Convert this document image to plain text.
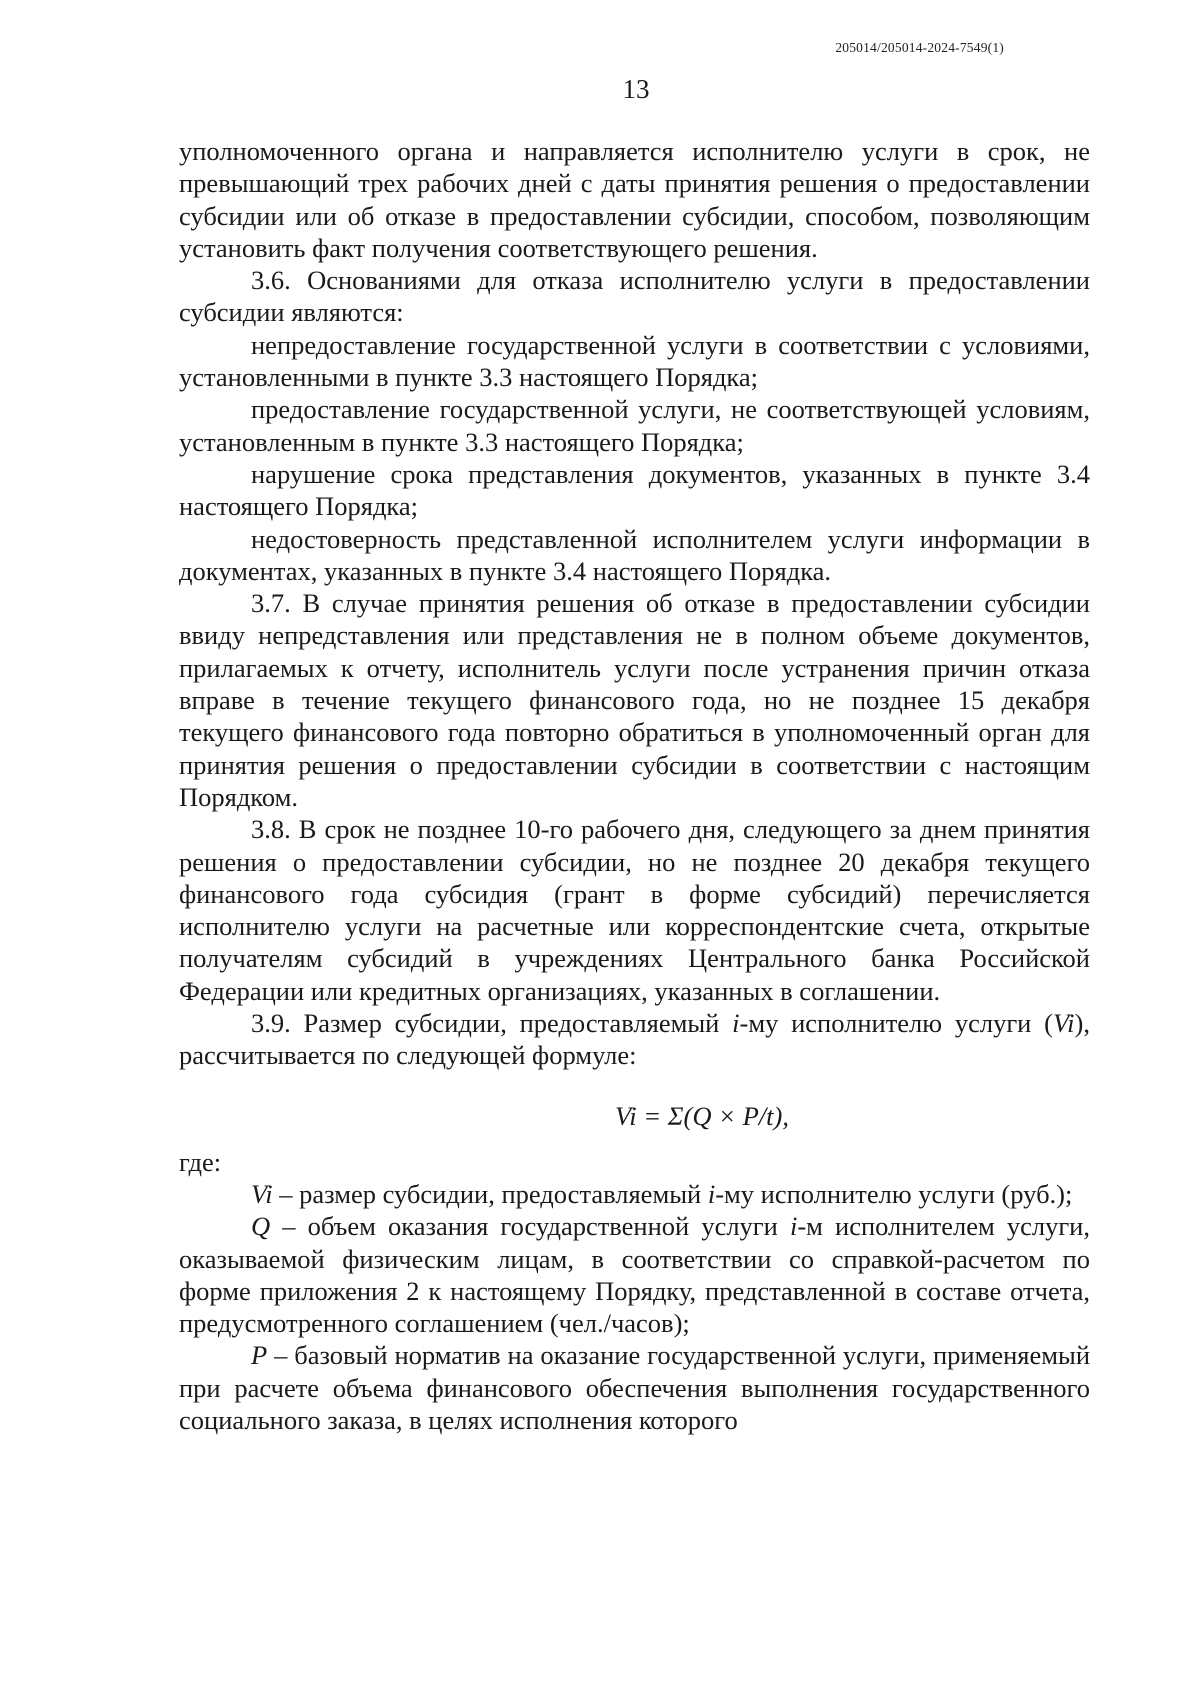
205014/205014-2024-7549(1)
13

уполномоченного органа и направляется исполнителю услуги в срок, не превышающий трех рабочих дней с даты принятия решения о предоставлении субсидии или об отказе в предоставлении субсидии, способом, позволяющим установить факт получения соответствующего решения.

3.6. Основаниями для отказа исполнителю услуги в предоставлении субсидии являются:

непредоставление государственной услуги в соответствии с условиями, установленными в пункте 3.3 настоящего Порядка;

предоставление государственной услуги, не соответствующей условиям, установленным в пункте 3.3 настоящего Порядка;

нарушение срока представления документов, указанных в пункте 3.4 настоящего Порядка;

недостоверность представленной исполнителем услуги информации в документах, указанных в пункте 3.4 настоящего Порядка.

3.7. В случае принятия решения об отказе в предоставлении субсидии ввиду непредставления или представления не в полном объеме документов, прилагаемых к отчету, исполнитель услуги после устранения причин отказа вправе в течение текущего финансового года, но не позднее 15 декабря текущего финансового года повторно обратиться в уполномоченный орган для принятия решения о предоставлении субсидии в соответствии с настоящим Порядком.

3.8. В срок не позднее 10-го рабочего дня, следующего за днем принятия решения о предоставлении субсидии, но не позднее 20 декабря текущего финансового года субсидия (грант в форме субсидий) перечисляется исполнителю услуги на расчетные или корреспондентские счета, открытые получателям субсидий в учреждениях Центрального банка Российской Федерации или кредитных организациях, указанных в соглашении.

3.9. Размер субсидии, предоставляемый i-му исполнителю услуги (Vi), рассчитывается по следующей формуле:

Vi = Σ(Q × P/t),

где:

Vi – размер субсидии, предоставляемый i-му исполнителю услуги (руб.);

Q – объем оказания государственной услуги i-м исполнителем услуги, оказываемой физическим лицам, в соответствии со справкой-расчетом по форме приложения 2 к настоящему Порядку, представленной в составе отчета, предусмотренного соглашением (чел./часов);

P – базовый норматив на оказание государственной услуги, применяемый при расчете объема финансового обеспечения выполнения государственного социального заказа, в целях исполнения которого
